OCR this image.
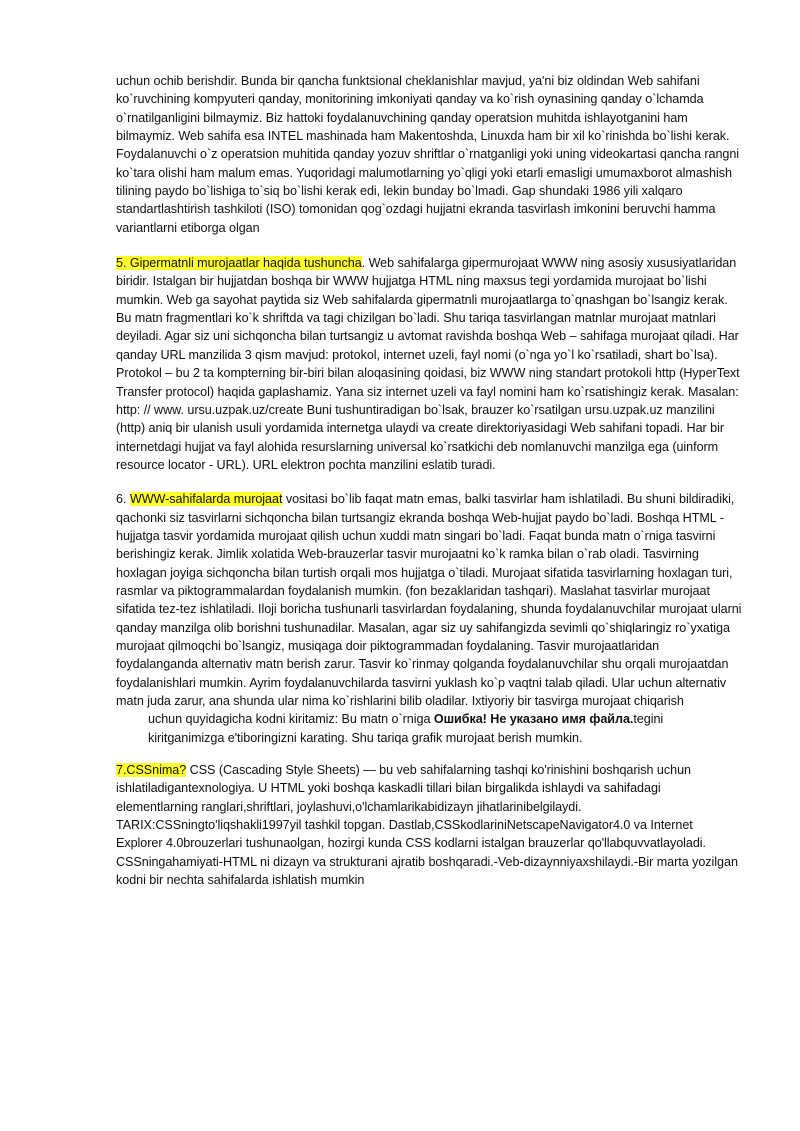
uchun ochib berishdir. Bunda bir qancha funktsional cheklanishlar mavjud, ya'ni biz oldindan Web sahifani ko`ruvchining kompyuteri qanday, monitorining imkoniyati qanday va ko`rish oynasining qanday o`lchamda o`rnatilganligini bilmaymiz. Biz hattoki foydalanuvchining qanday operatsion muhitda ishlayotganini ham bilmaymiz. Web sahifa esa INTEL mashinada ham Makentoshda, Linuxda ham bir xil ko`rinishda bo`lishi kerak. Foydalanuvchi o`z operatsion muhitida qanday yozuv shriftlar o`rnatganligi yoki uning videokartasi qancha rangni ko`tara olishi ham malum emas. Yuqoridagi malumotlarning yo`qligi yoki etarli emasligi umumaxborot almashish tilining paydo bo`lishiga to`siq bo`lishi kerak edi, lekin bunday bo`lmadi. Gap shundaki 1986 yili xalqaro standartlashtirish tashkiloti (ISO) tomonidan qog`ozdagi hujjatni ekranda tasvirlash imkonini beruvchi hamma variantlarni etiborga olgan

5. Gipermatnli murojaatlar haqida tushuncha. Web sahifalarga gipermurojaat WWW ning asosiy xususiyatlaridan biridir. Istalgan bir hujjatdan boshqa bir WWW hujjatga HTML ning maxsus tegi yordamida murojaat bo`lishi mumkin. Web ga sayohat paytida siz Web sahifalarda gipermatnli murojaatlarga to`qnashgan bo`lsangiz kerak. Bu matn fragmentlari ko`k shriftda va tagi chizilgan bo`ladi. Shu tariqa tasvirlangan matnlar murojaat matnlari deyiladi. Agar siz uni sichqoncha bilan turtsangiz u avtomat ravishda boshqa Web – sahifaga murojaat qiladi. Har qanday URL manzilida 3 qism mavjud: protokol, internet uzeli, fayl nomi (o`nga yo`l ko`rsatiladi, shart bo`lsa). Protokol – bu 2 ta kompterning bir-biri bilan aloqasining qoidasi, biz WWW ning standart protokoli http (HyperText Transfer protocol) haqida gaplashamiz. Yana siz internet uzeli va fayl nomini ham ko`rsatishingiz kerak. Masalan: http: // www. ursu.uzpak.uz/create Buni tushuntiradigan bo`lsak, brauzer ko`rsatilgan ursu.uzpak.uz manzilini (http) aniq bir ulanish usuli yordamida internetga ulaydi va create direktoriyasidagi Web sahifani topadi. Har bir internetdagi hujjat va fayl alohida resurslarning universal ko`rsatkichi deb nomlanuvchi manzilga ega (uinform resource locator - URL). URL elektron pochta manzilini eslatib turadi.

6. WWW-sahifalarda murojaat vositasi bo`lib faqat matn emas, balki tasvirlar ham ishlatiladi. Bu shuni bildiradiki, qachonki siz tasvirlarni sichqoncha bilan turtsangiz ekranda boshqa Web-hujjat paydo bo`ladi. Boshqa HTML - hujjatga tasvir yordamida murojaat qilish uchun xuddi matn singari bo`ladi. Faqat bunda matn o`rniga tasvirni berishingiz kerak. Jimlik xolatida Web-brauzerlar tasvir murojaatni ko`k ramka bilan o`rab oladi. Tasvirning hoxlagan joyiga sichqoncha bilan turtish orqali mos hujjatga o`tiladi. Murojaat sifatida tasvirlarning hoxlagan turi, rasmlar va piktogrammalardan foydalanish mumkin. (fon bezaklaridan tashqari). Maslahat tasvirlar murojaat sifatida tez-tez ishlatiladi. Iloji boricha tushunarli tasvirlardan foydalaning, shunda foydalanuvchilar murojaat ularni qanday manzilga olib borishni tushunadilar. Masalan, agar siz uy sahifangizda sevimli qo`shiqlaringiz ro`yxatiga murojaat qilmoqchi bo`lsangiz, musiqaga doir piktogrammadan foydalaning. Tasvir murojaatlaridan foydalanganda alternativ matn berish zarur. Tasvir ko`rinmay qolganda foydalanuvchilar shu orqali murojaatdan foydalanishlari mumkin. Ayrim foydalanuvchilarda tasvirni yuklash ko`p vaqtni talab qiladi. Ular uchun alternativ matn juda zarur, ana shunda ular nima ko`rishlarini bilib oladilar. Ixtiyoriy bir tasvirga murojaat chiqarish

uchun quyidagicha kodni kiritamiz: Bu matn o`rniga Ошибка! Не указано имя файла.tegini kiritganimizga e'tiboringizni karating. Shu tariqa grafik murojaat berish mumkin.

7.CSSnima? CSS (Cascading Style Sheets) — bu veb sahifalarning tashqi ko'rinishini boshqarish uchun ishlatiladigantexnologiya. U HTML yoki boshqa kaskadli tillari bilan birgalikda ishlaydi va sahifadagi elementlarning ranglari,shriftlari, joylashuvi,o'lchamlarikabidizayn jihatlarinibelgilaydi. TARIX:CSSningto'liqshakli1997yil tashkil topgan. Dastlab,CSSkodlariniNetscapeNavigator4.0 va Internet Explorer 4.0brouzerlari tushunaolgan, hozirgi kunda CSS kodlarni istalgan brauzerlar qo'llabquvvatlayoladi. CSSningahamiyati-HTML ni dizayn va strukturani ajratib boshqaradi.-Veb-dizaynniyaxshilaydi.-Bir marta yozilgan kodni bir nechta sahifalarda ishlatish mumkin
